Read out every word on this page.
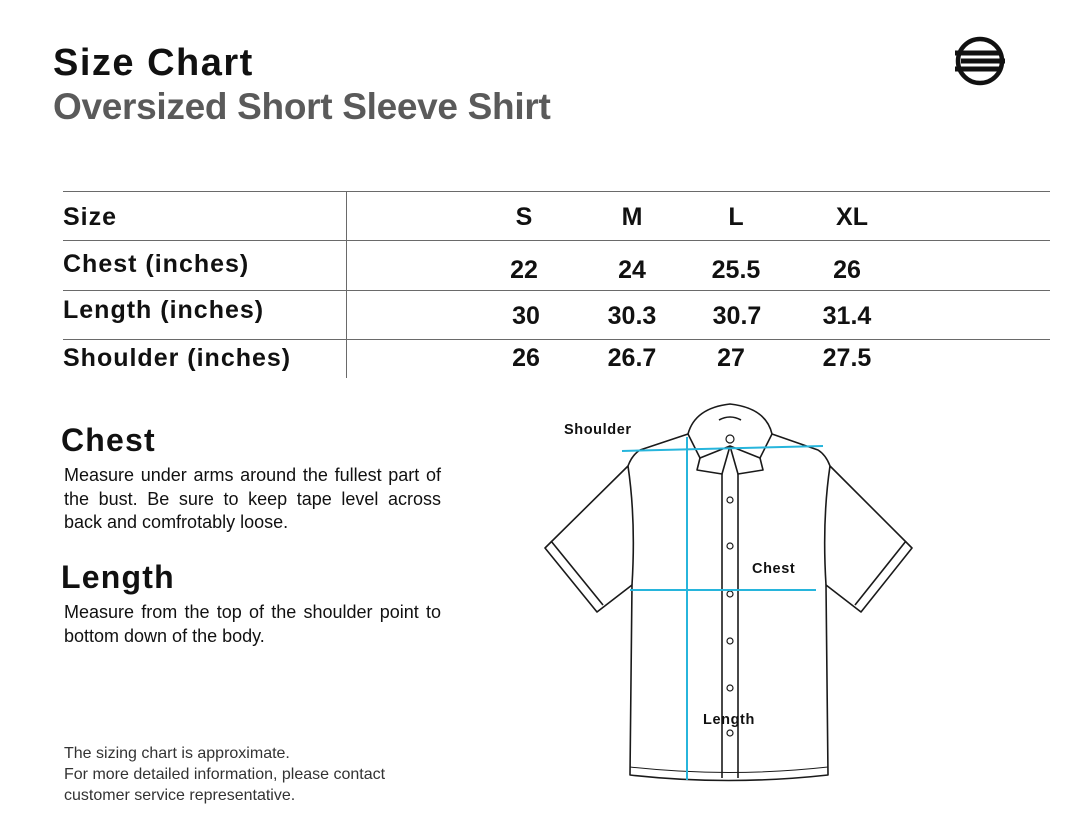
Size Chart
Oversized Short Sleeve Shirt
Size	S	M	L	XL
Chest (inches)	22	24	25.5	26
Length (inches)	30	30.3	30.7	31.4
Shoulder (inches)	26	26.7	27	27.5
Chest
Measure under arms around the fullest part of the bust. Be sure to keep tape level across back and comfrotably loose.
Length
Measure from the top of the shoulder point to bottom down of the body.
The sizing chart is approximate.
For more detailed information, please contact
customer service representative.
Shoulder
Chest
Length
